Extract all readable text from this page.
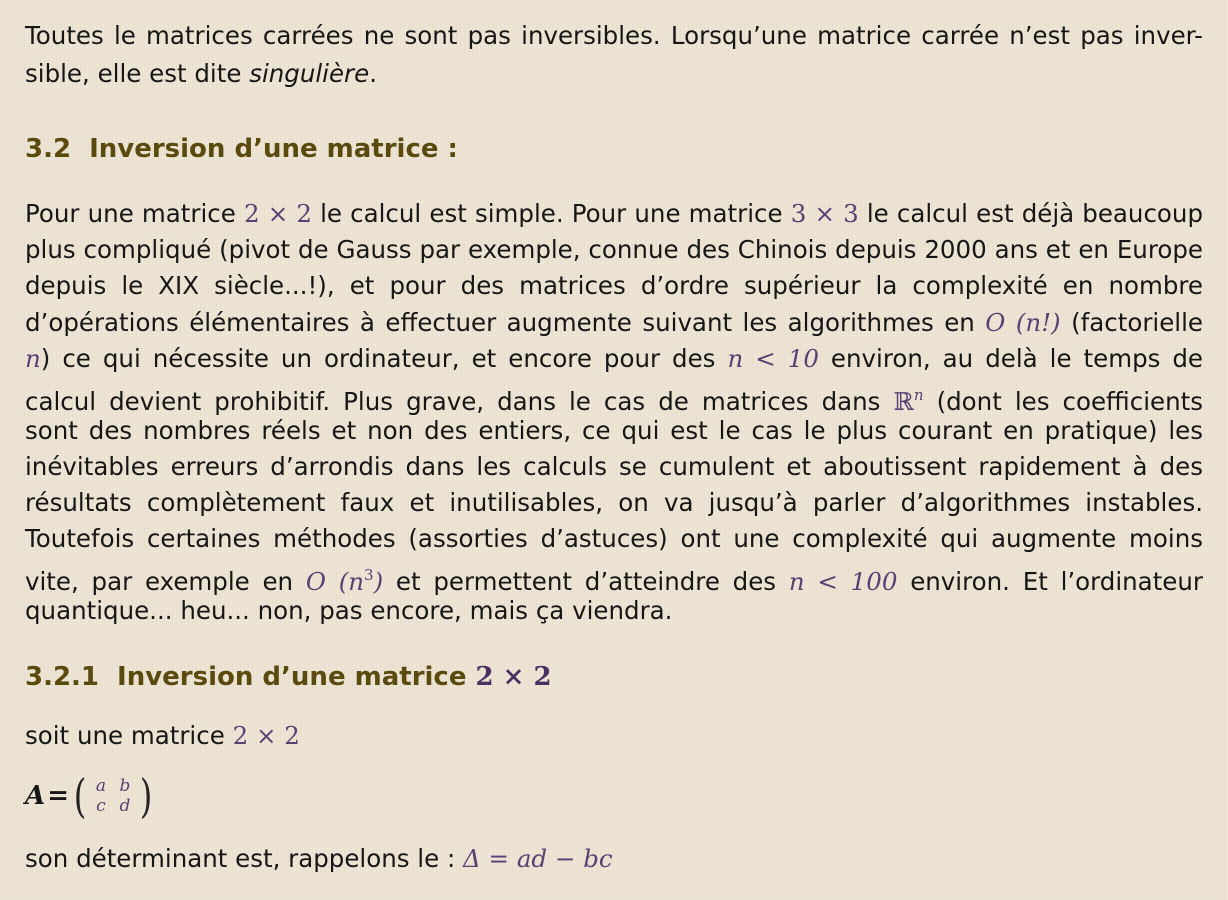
Toutes le matrices carrées ne sont pas inversibles. Lorsqu’une matrice carrée n’est pas inver-
sible, elle est dite singulière.
3.2 Inversion d’une matrice :
Pour une matrice 2 × 2 le calcul est simple. Pour une matrice 3 × 3 le calcul est déjà beaucoup
plus compliqué (pivot de Gauss par exemple, connue des Chinois depuis 2000 ans et en Europe
depuis le XIX siècle...!), et pour des matrices d’ordre supérieur la complexité en nombre
d’opérations élémentaires à effectuer augmente suivant les algorithmes en O (n!) (factorielle
n) ce qui nécessite un ordinateur, et encore pour des n < 10 environ, au delà le temps de
calcul devient prohibitif. Plus grave, dans le cas de matrices dans ℝ$^n$ (dont les coefficients
sont des nombres réels et non des entiers, ce qui est le cas le plus courant en pratique) les
inévitables erreurs d’arrondis dans les calculs se cumulent et aboutissent rapidement à des
résultats complètement faux et inutilisables, on va jusqu’à parler d’algorithmes instables.
Toutefois certaines méthodes (assorties d’astuces) ont une complexité qui augmente moins
vite, par exemple en O $(n^3)$ et permettent d’atteindre des n < 100 environ. Et l’ordinateur
quantique... heu... non, pas encore, mais ça viendra.
3.2.1 Inversion d’une matrice 2 × 2
soit une matrice 2 × 2
A = ( a b
c d )
son déterminant est, rappelons le : Δ = ad − bc
